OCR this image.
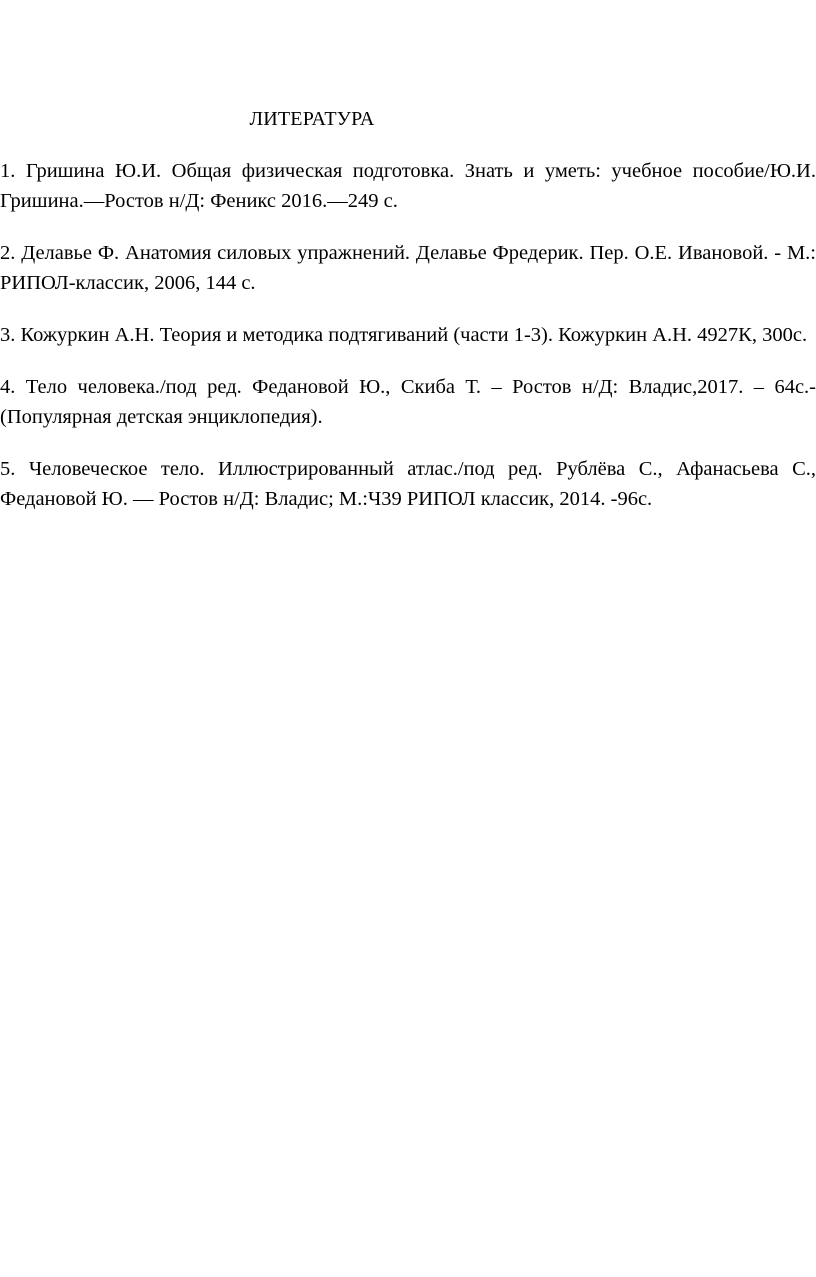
ЛИТЕРАТУРА
1. Гришина Ю.И. Общая физическая подготовка. Знать и уметь: учебное пособие/Ю.И. Гришина.—Ростов н/Д: Феникс 2016.—249 с.
2. Делавье Ф. Анатомия силовых упражнений. Делавье Фредерик. Пер. О.Е. Ивановой. - М.: РИПОЛ-классик, 2006, 144 с.
3. Кожуркин А.Н. Теория и методика подтягиваний (части 1-3). Кожуркин А.Н. 4927К, 300с.
4. Тело человека./под ред. Федановой Ю., Скиба Т. – Ростов н/Д: Владис,2017. – 64с.- (Популярная детская энциклопедия).
5. Человеческое тело. Иллюстрированный атлас./под ред. Рублёва С., Афанасьева С., Федановой Ю. — Ростов н/Д: Владис; М.:Ч39 РИПОЛ классик, 2014. -96с.
